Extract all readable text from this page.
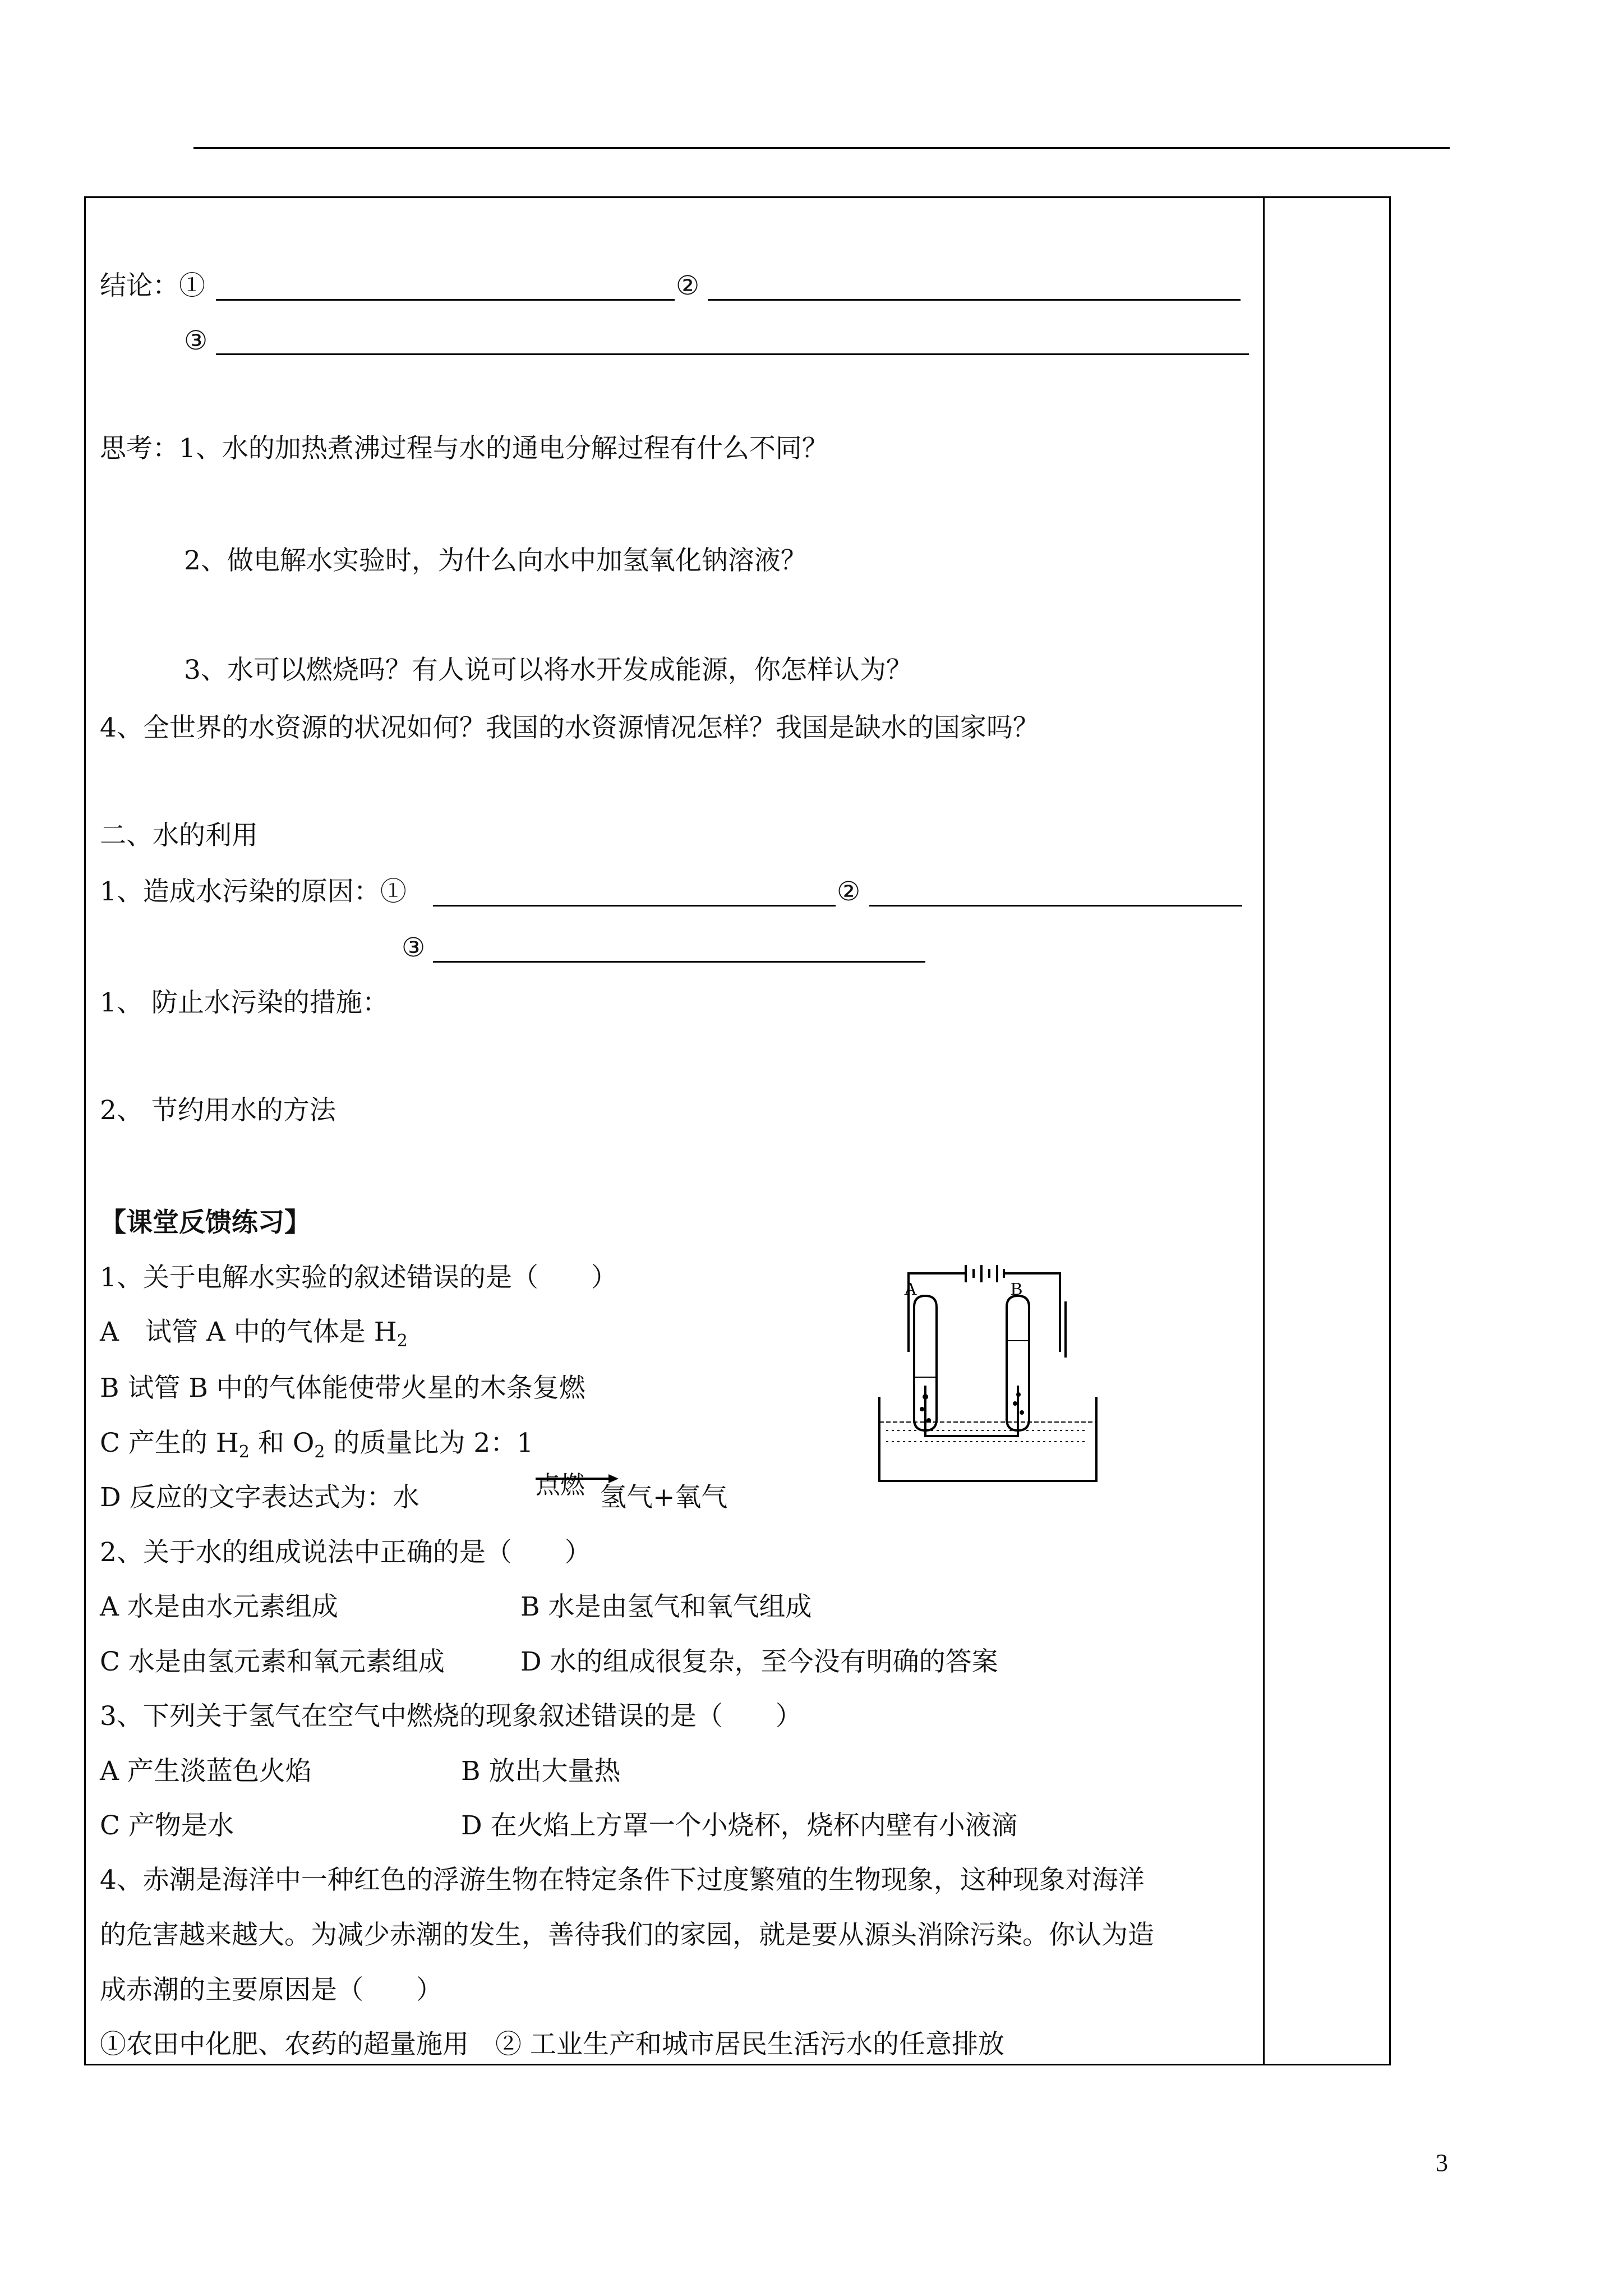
结论：①	②
③
思考：1、水的加热煮沸过程与水的通电分解过程有什么不同？
2、做电解水实验时，为什么向水中加氢氧化钠溶液？
3、水可以燃烧吗？有人说可以将水开发成能源，你怎样认为？
4、全世界的水资源的状况如何？我国的水资源情况怎样？我国是缺水的国家吗？
二、水的利用
1、造成水污染的原因：①	②
③
1、 防止水污染的措施：
2、 节约用水的方法
【课堂反馈练习】
1、关于电解水实验的叙述错误的是（　　）
A　试管 A 中的气体是 $H_2$
B 试管 B 中的气体能使带火星的木条复燃
C 产生的 $H_2$ 和 $O_2$ 的质量比为 2：1
D 反应的文字表达式为：水	点燃 氢气+氧气
A	B
2、关于水的组成说法中正确的是（　　）
A 水是由水元素组成	B 水是由氢气和氧气组成
C 水是由氢元素和氧元素组成	D 水的组成很复杂，至今没有明确的答案
3、下列关于氢气在空气中燃烧的现象叙述错误的是（　　）
A 产生淡蓝色火焰	B 放出大量热
C 产物是水	D 在火焰上方罩一个小烧杯，烧杯内壁有小液滴
4、赤潮是海洋中一种红色的浮游生物在特定条件下过度繁殖的生物现象，这种现象对海洋
的危害越来越大。为减少赤潮的发生，善待我们的家园，就是要从源头消除污染。你认为造
成赤潮的主要原因是（　　）
①农田中化肥、农药的超量施用　② 工业生产和城市居民生活污水的任意排放
3
